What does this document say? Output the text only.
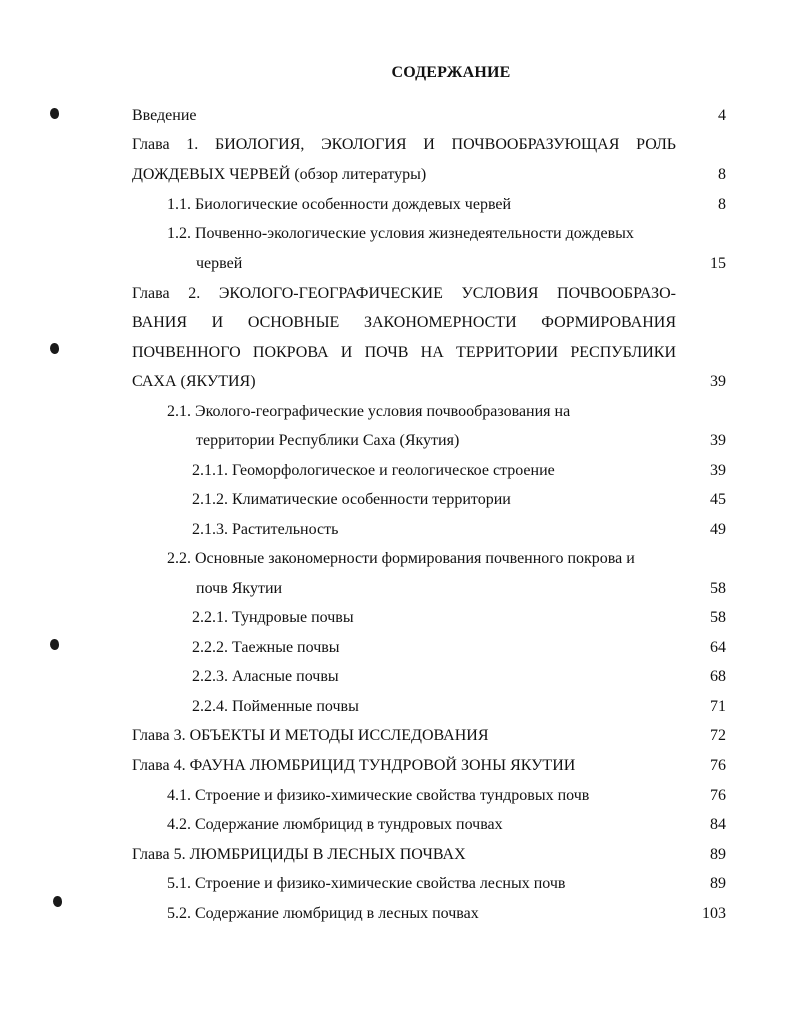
СОДЕРЖАНИЕ
Введение	4
Глава 1. БИОЛОГИЯ, ЭКОЛОГИЯ И ПОЧВООБРАЗУЮЩАЯ РОЛЬ
ДОЖДЕВЫХ ЧЕРВЕЙ (обзор литературы)	8
1.1. Биологические особенности дождевых червей	8
1.2. Почвенно-экологические условия жизнедеятельности дождевых
червей	15
Глава 2. ЭКОЛОГО-ГЕОГРАФИЧЕСКИЕ УСЛОВИЯ ПОЧВООБРАЗО-
ВАНИЯ И ОСНОВНЫЕ ЗАКОНОМЕРНОСТИ ФОРМИРОВАНИЯ
ПОЧВЕННОГО ПОКРОВА И ПОЧВ НА ТЕРРИТОРИИ РЕСПУБЛИКИ
САХА (ЯКУТИЯ)	39
2.1. Эколого-географические условия почвообразования на
территории Республики Саха (Якутия)	39
2.1.1. Геоморфологическое и геологическое строение	39
2.1.2. Климатические особенности территории	45
2.1.3. Растительность	49
2.2. Основные закономерности формирования почвенного покрова и
почв Якутии	58
2.2.1. Тундровые почвы	58
2.2.2. Таежные почвы	64
2.2.3. Аласные почвы	68
2.2.4. Пойменные почвы	71
Глава 3. ОБЪЕКТЫ И МЕТОДЫ ИССЛЕДОВАНИЯ	72
Глава 4. ФАУНА ЛЮМБРИЦИД ТУНДРОВОЙ ЗОНЫ ЯКУТИИ	76
4.1. Строение и физико-химические свойства тундровых почв	76
4.2. Содержание люмбрицид в тундровых почвах	84
Глава 5. ЛЮМБРИЦИДЫ В ЛЕСНЫХ ПОЧВАХ	89
5.1. Строение и физико-химические свойства лесных почв	89
5.2. Содержание люмбрицид в лесных почвах	103
